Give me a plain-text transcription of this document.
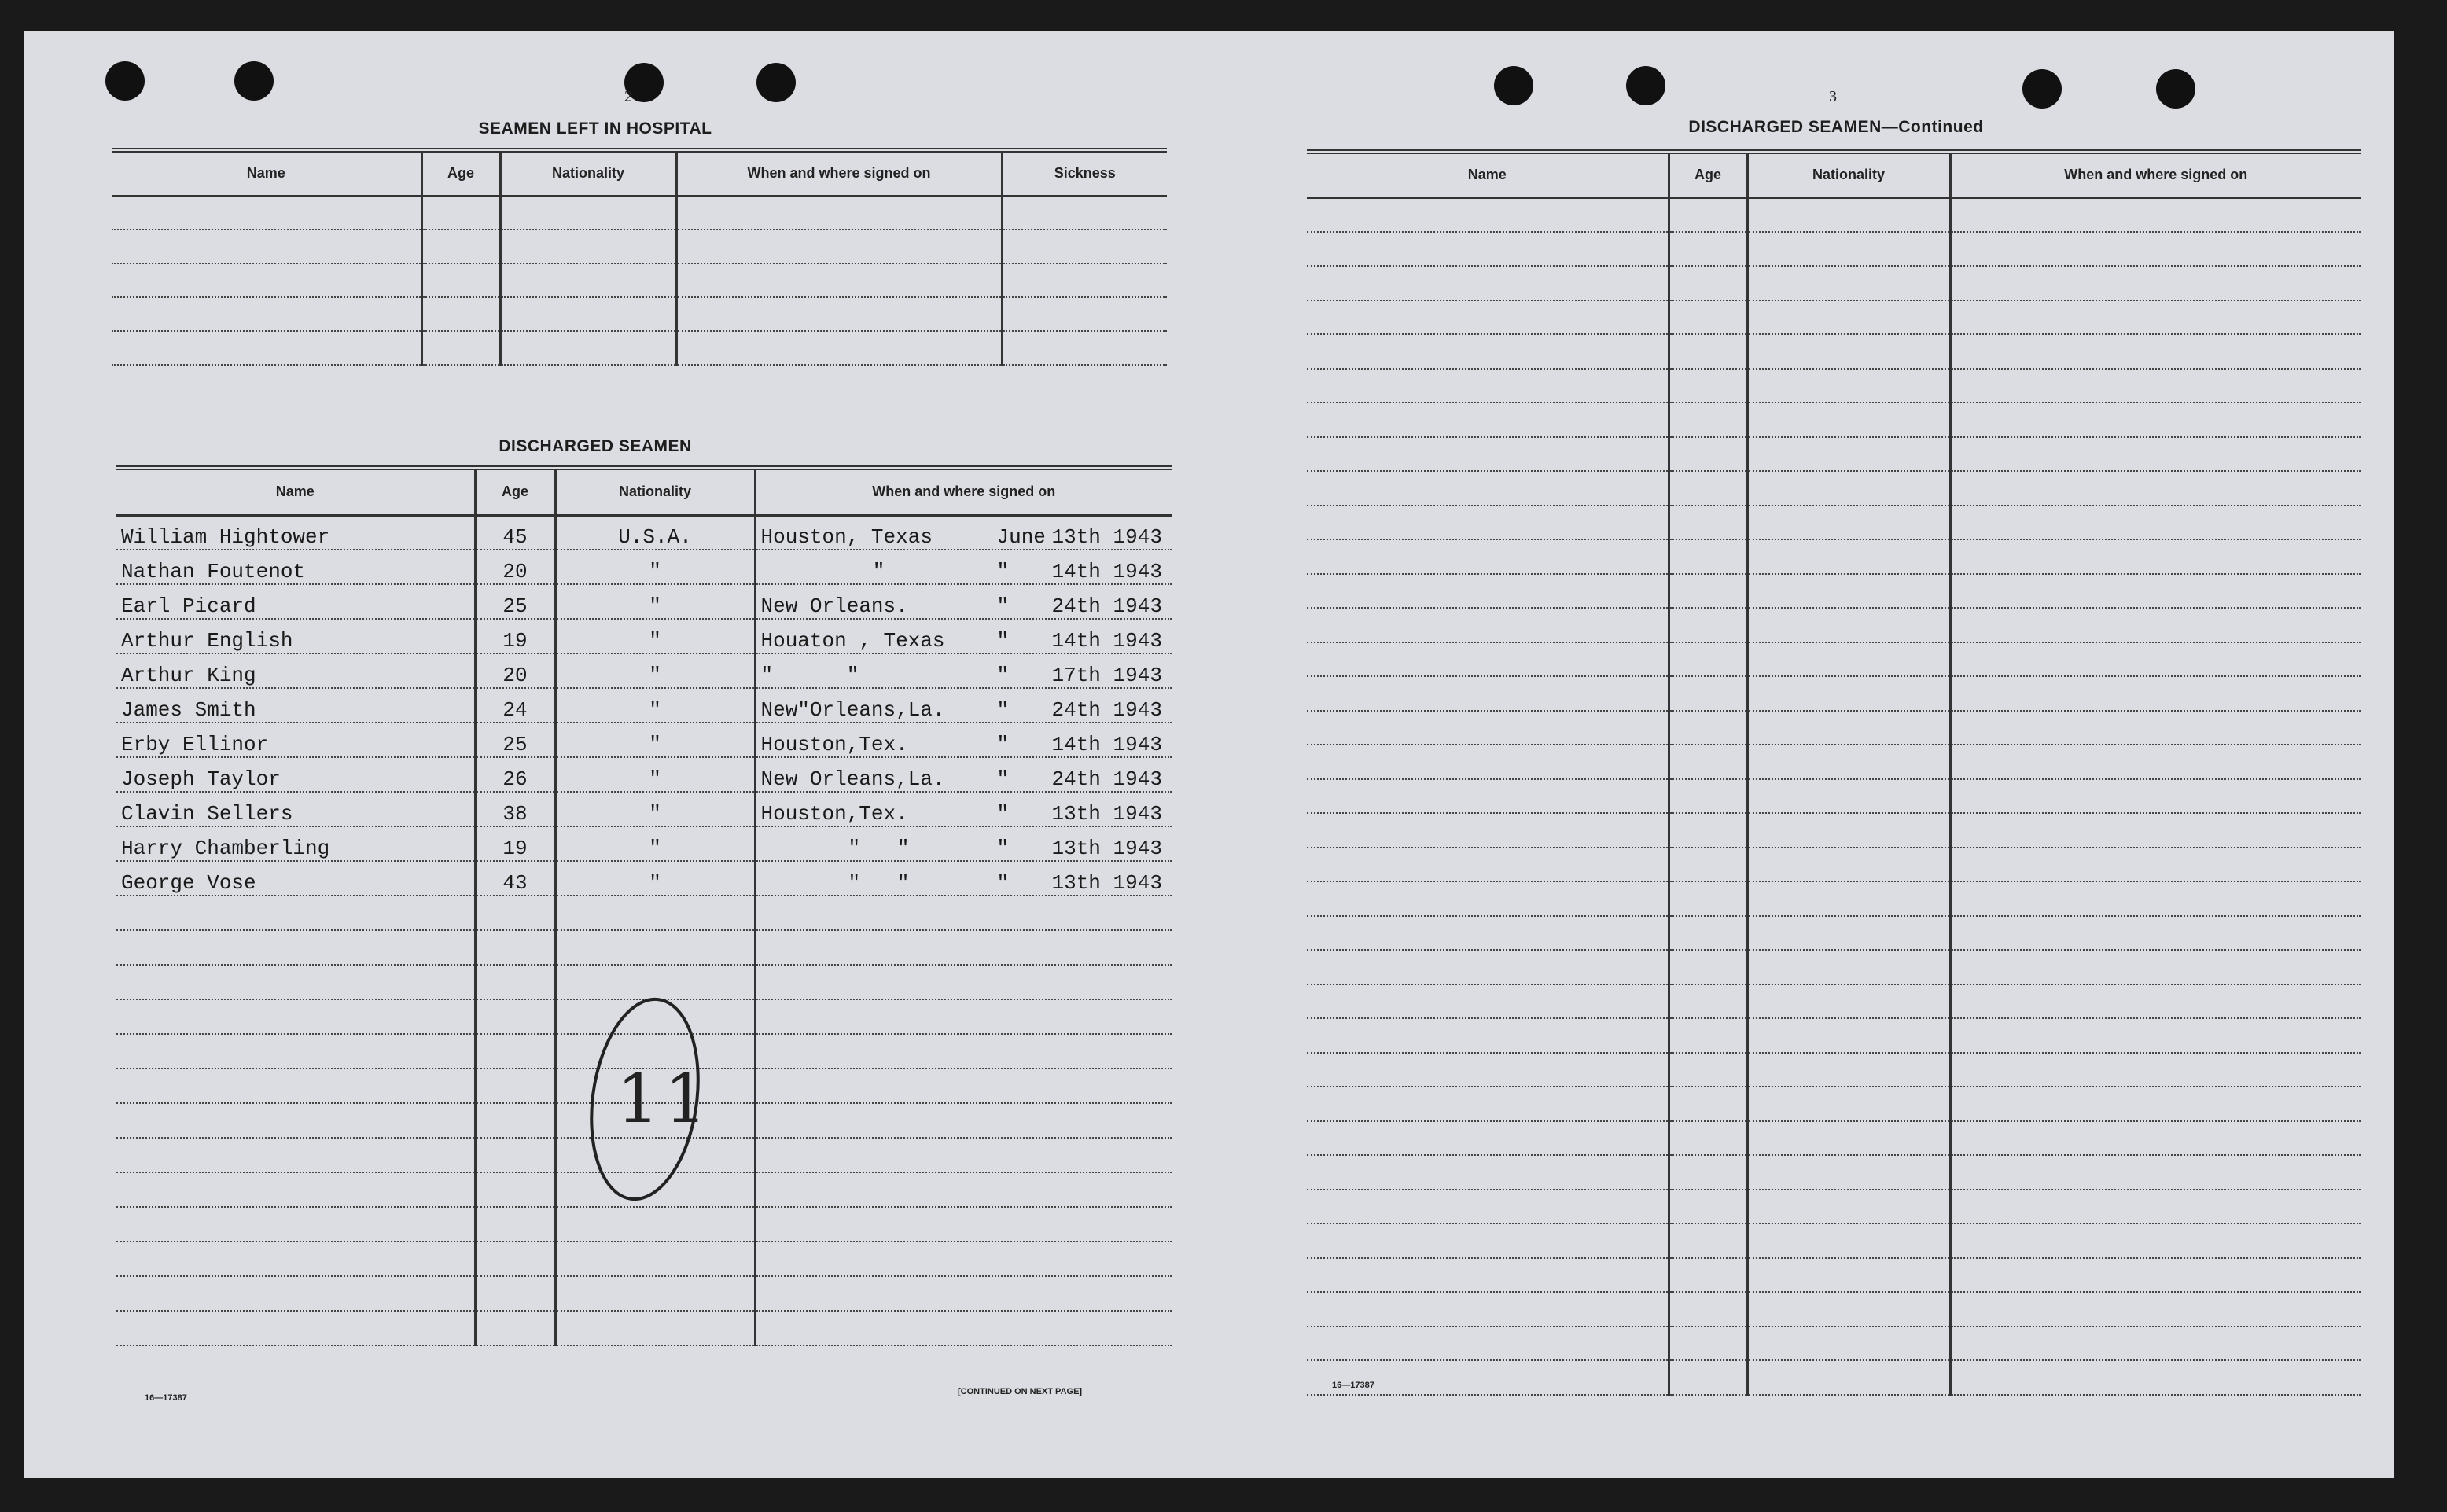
2
SEAMEN LEFT IN HOSPITAL
Name	Age	Nationality	When and where signed on	Sickness

DISCHARGED SEAMEN
Name	Age	Nationality	When and where signed on
William Hightower	45	U.S.A.	Houston, Texas June 13th 1943
Nathan Foutenot	20	"	" " 14th 1943
Earl Picard	25	"	New Orleans. " 24th 1943
Arthur English	19	"	Houaton , Texas " 14th 1943
Arthur King	20	"	"      " " 17th 1943
James Smith	24	"	New"Orleans,La. " 24th 1943
Erby Ellinor	25	"	Houston,Tex. " 14th 1943
Joseph Taylor	26	"	New Orleans,La. " 24th 1943
Clavin Sellers	38	"	Houston,Tex. " 13th 1943
Harry Chamberling	19	"	"   " " 13th 1943
George Vose	43	"	"   " " 13th 1943

11
16—17387
[CONTINUED ON NEXT PAGE]
3
DISCHARGED SEAMEN—Continued
Name	Age	Nationality	When and where signed on

16—17387
